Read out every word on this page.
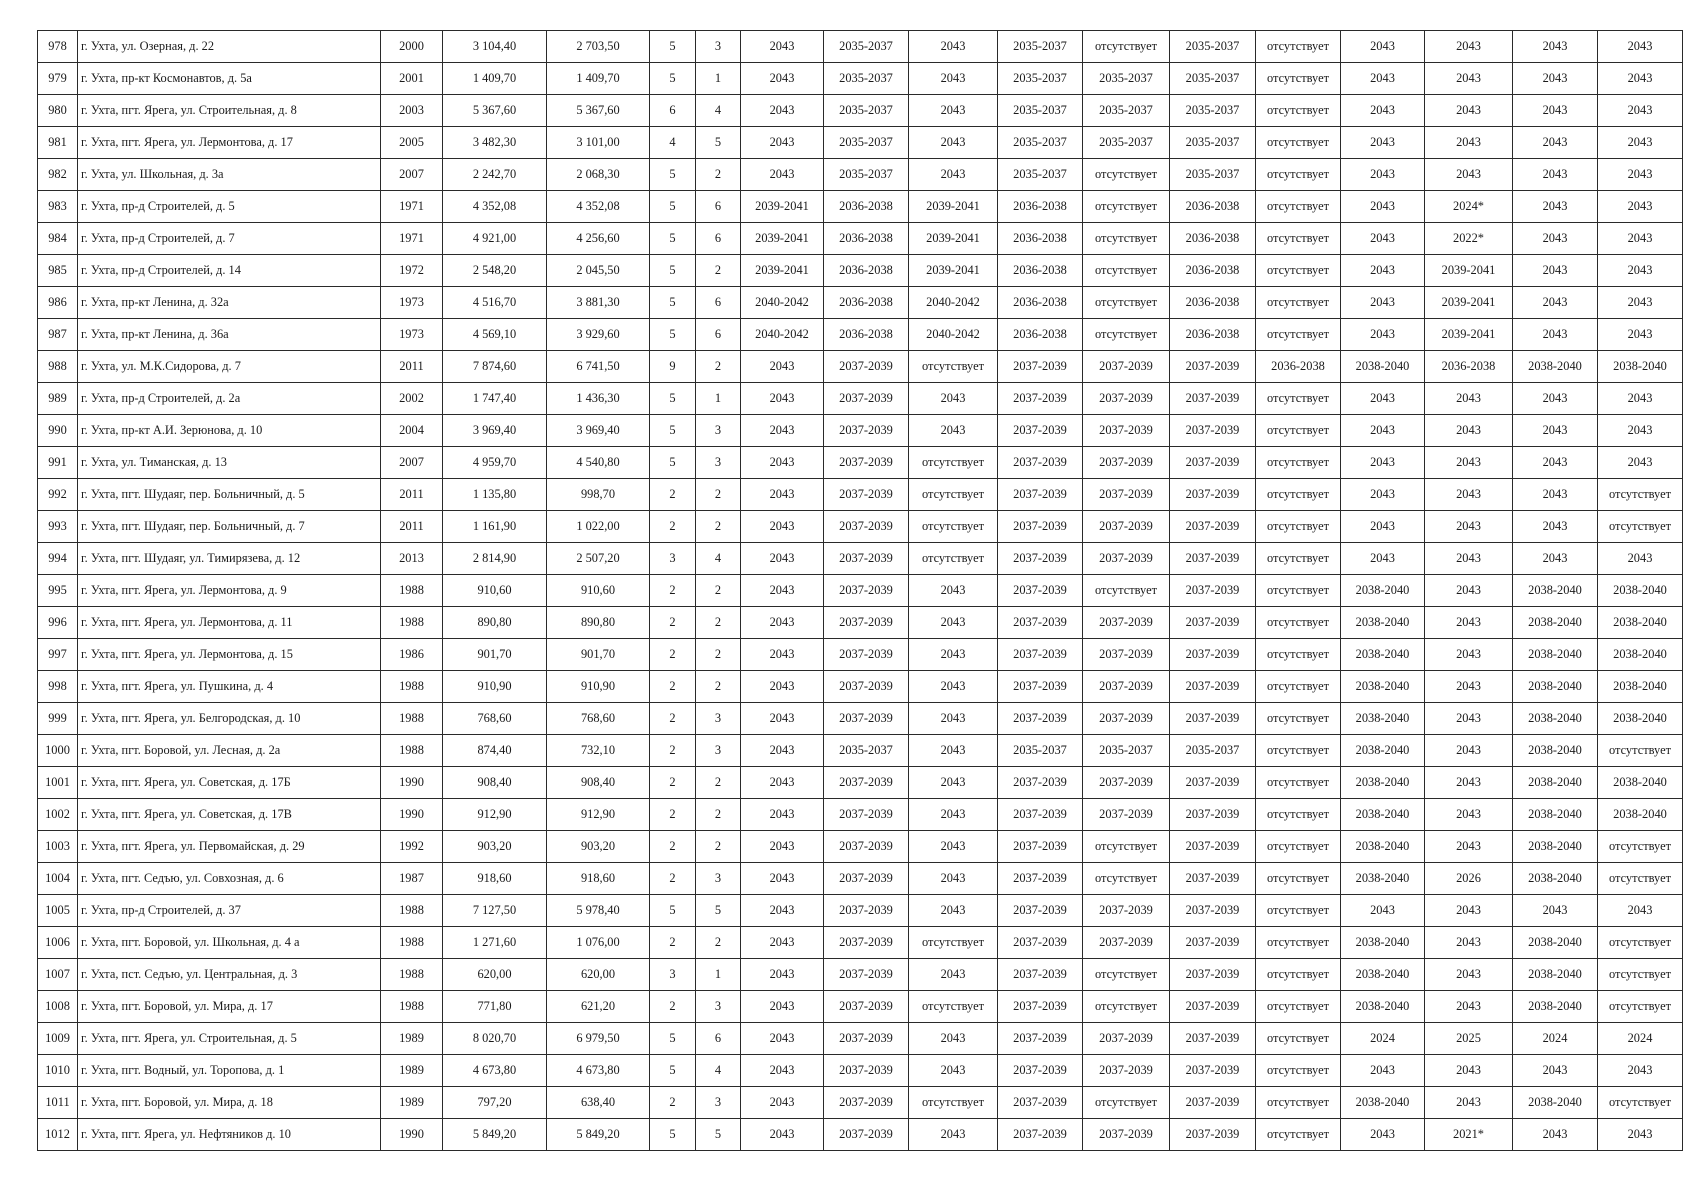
978	г. Ухта, ул. Озерная, д. 22	2000	3 104,40	2 703,50	5	3	2043	2035-2037	2043	2035-2037	отсутствует	2035-2037	отсутствует	2043	2043	2043	2043
979	г. Ухта, пр-кт Космонавтов, д. 5а	2001	1 409,70	1 409,70	5	1	2043	2035-2037	2043	2035-2037	2035-2037	2035-2037	отсутствует	2043	2043	2043	2043
980	г. Ухта, пгт. Ярега, ул. Строительная, д. 8	2003	5 367,60	5 367,60	6	4	2043	2035-2037	2043	2035-2037	2035-2037	2035-2037	отсутствует	2043	2043	2043	2043
981	г. Ухта, пгт. Ярега, ул. Лермонтова, д. 17	2005	3 482,30	3 101,00	4	5	2043	2035-2037	2043	2035-2037	2035-2037	2035-2037	отсутствует	2043	2043	2043	2043
982	г. Ухта, ул. Школьная, д. 3а	2007	2 242,70	2 068,30	5	2	2043	2035-2037	2043	2035-2037	отсутствует	2035-2037	отсутствует	2043	2043	2043	2043
983	г. Ухта, пр-д Строителей, д. 5	1971	4 352,08	4 352,08	5	6	2039-2041	2036-2038	2039-2041	2036-2038	отсутствует	2036-2038	отсутствует	2043	2024*	2043	2043
984	г. Ухта, пр-д Строителей, д. 7	1971	4 921,00	4 256,60	5	6	2039-2041	2036-2038	2039-2041	2036-2038	отсутствует	2036-2038	отсутствует	2043	2022*	2043	2043
985	г. Ухта, пр-д Строителей, д. 14	1972	2 548,20	2 045,50	5	2	2039-2041	2036-2038	2039-2041	2036-2038	отсутствует	2036-2038	отсутствует	2043	2039-2041	2043	2043
986	г. Ухта, пр-кт Ленина, д. 32а	1973	4 516,70	3 881,30	5	6	2040-2042	2036-2038	2040-2042	2036-2038	отсутствует	2036-2038	отсутствует	2043	2039-2041	2043	2043
987	г. Ухта, пр-кт Ленина, д. 36а	1973	4 569,10	3 929,60	5	6	2040-2042	2036-2038	2040-2042	2036-2038	отсутствует	2036-2038	отсутствует	2043	2039-2041	2043	2043
988	г. Ухта, ул. М.К.Сидорова, д. 7	2011	7 874,60	6 741,50	9	2	2043	2037-2039	отсутствует	2037-2039	2037-2039	2037-2039	2036-2038	2038-2040	2036-2038	2038-2040	2038-2040
989	г. Ухта, пр-д Строителей, д. 2а	2002	1 747,40	1 436,30	5	1	2043	2037-2039	2043	2037-2039	2037-2039	2037-2039	отсутствует	2043	2043	2043	2043
990	г. Ухта, пр-кт А.И. Зерюнова, д. 10	2004	3 969,40	3 969,40	5	3	2043	2037-2039	2043	2037-2039	2037-2039	2037-2039	отсутствует	2043	2043	2043	2043
991	г. Ухта, ул. Тиманская, д. 13	2007	4 959,70	4 540,80	5	3	2043	2037-2039	отсутствует	2037-2039	2037-2039	2037-2039	отсутствует	2043	2043	2043	2043
992	г. Ухта, пгт. Шудаяг, пер. Больничный, д. 5	2011	1 135,80	998,70	2	2	2043	2037-2039	отсутствует	2037-2039	2037-2039	2037-2039	отсутствует	2043	2043	2043	отсутствует
993	г. Ухта, пгт. Шудаяг, пер. Больничный, д. 7	2011	1 161,90	1 022,00	2	2	2043	2037-2039	отсутствует	2037-2039	2037-2039	2037-2039	отсутствует	2043	2043	2043	отсутствует
994	г. Ухта, пгт. Шудаяг, ул. Тимирязева, д. 12	2013	2 814,90	2 507,20	3	4	2043	2037-2039	отсутствует	2037-2039	2037-2039	2037-2039	отсутствует	2043	2043	2043	2043
995	г. Ухта, пгт. Ярега, ул. Лермонтова, д. 9	1988	910,60	910,60	2	2	2043	2037-2039	2043	2037-2039	отсутствует	2037-2039	отсутствует	2038-2040	2043	2038-2040	2038-2040
996	г. Ухта, пгт. Ярега, ул. Лермонтова, д. 11	1988	890,80	890,80	2	2	2043	2037-2039	2043	2037-2039	2037-2039	2037-2039	отсутствует	2038-2040	2043	2038-2040	2038-2040
997	г. Ухта, пгт. Ярега, ул. Лермонтова, д. 15	1986	901,70	901,70	2	2	2043	2037-2039	2043	2037-2039	2037-2039	2037-2039	отсутствует	2038-2040	2043	2038-2040	2038-2040
998	г. Ухта, пгт. Ярега, ул. Пушкина, д. 4	1988	910,90	910,90	2	2	2043	2037-2039	2043	2037-2039	2037-2039	2037-2039	отсутствует	2038-2040	2043	2038-2040	2038-2040
999	г. Ухта, пгт. Ярега, ул. Белгородская, д. 10	1988	768,60	768,60	2	3	2043	2037-2039	2043	2037-2039	2037-2039	2037-2039	отсутствует	2038-2040	2043	2038-2040	2038-2040
1000	г. Ухта, пгт. Боровой, ул. Лесная, д. 2а	1988	874,40	732,10	2	3	2043	2035-2037	2043	2035-2037	2035-2037	2035-2037	отсутствует	2038-2040	2043	2038-2040	отсутствует
1001	г. Ухта, пгт. Ярега, ул. Советская, д. 17Б	1990	908,40	908,40	2	2	2043	2037-2039	2043	2037-2039	2037-2039	2037-2039	отсутствует	2038-2040	2043	2038-2040	2038-2040
1002	г. Ухта, пгт. Ярега, ул. Советская, д. 17В	1990	912,90	912,90	2	2	2043	2037-2039	2043	2037-2039	2037-2039	2037-2039	отсутствует	2038-2040	2043	2038-2040	2038-2040
1003	г. Ухта, пгт. Ярега, ул. Первомайская, д. 29	1992	903,20	903,20	2	2	2043	2037-2039	2043	2037-2039	отсутствует	2037-2039	отсутствует	2038-2040	2043	2038-2040	отсутствует
1004	г. Ухта, пгт. Седъю, ул. Совхозная, д. 6	1987	918,60	918,60	2	3	2043	2037-2039	2043	2037-2039	отсутствует	2037-2039	отсутствует	2038-2040	2026	2038-2040	отсутствует
1005	г. Ухта, пр-д Строителей, д. 37	1988	7 127,50	5 978,40	5	5	2043	2037-2039	2043	2037-2039	2037-2039	2037-2039	отсутствует	2043	2043	2043	2043
1006	г. Ухта, пгт. Боровой, ул. Школьная, д. 4 а	1988	1 271,60	1 076,00	2	2	2043	2037-2039	отсутствует	2037-2039	2037-2039	2037-2039	отсутствует	2038-2040	2043	2038-2040	отсутствует
1007	г. Ухта, пст. Седъю, ул. Центральная, д. 3	1988	620,00	620,00	3	1	2043	2037-2039	2043	2037-2039	отсутствует	2037-2039	отсутствует	2038-2040	2043	2038-2040	отсутствует
1008	г. Ухта, пгт. Боровой, ул. Мира, д. 17	1988	771,80	621,20	2	3	2043	2037-2039	отсутствует	2037-2039	отсутствует	2037-2039	отсутствует	2038-2040	2043	2038-2040	отсутствует
1009	г. Ухта, пгт. Ярега, ул. Строительная, д. 5	1989	8 020,70	6 979,50	5	6	2043	2037-2039	2043	2037-2039	2037-2039	2037-2039	отсутствует	2024	2025	2024	2024
1010	г. Ухта, пгт. Водный, ул. Торопова, д. 1	1989	4 673,80	4 673,80	5	4	2043	2037-2039	2043	2037-2039	2037-2039	2037-2039	отсутствует	2043	2043	2043	2043
1011	г. Ухта, пгт. Боровой, ул. Мира, д. 18	1989	797,20	638,40	2	3	2043	2037-2039	отсутствует	2037-2039	отсутствует	2037-2039	отсутствует	2038-2040	2043	2038-2040	отсутствует
1012	г. Ухта, пгт. Ярега, ул. Нефтяников д. 10	1990	5 849,20	5 849,20	5	5	2043	2037-2039	2043	2037-2039	2037-2039	2037-2039	отсутствует	2043	2021*	2043	2043
